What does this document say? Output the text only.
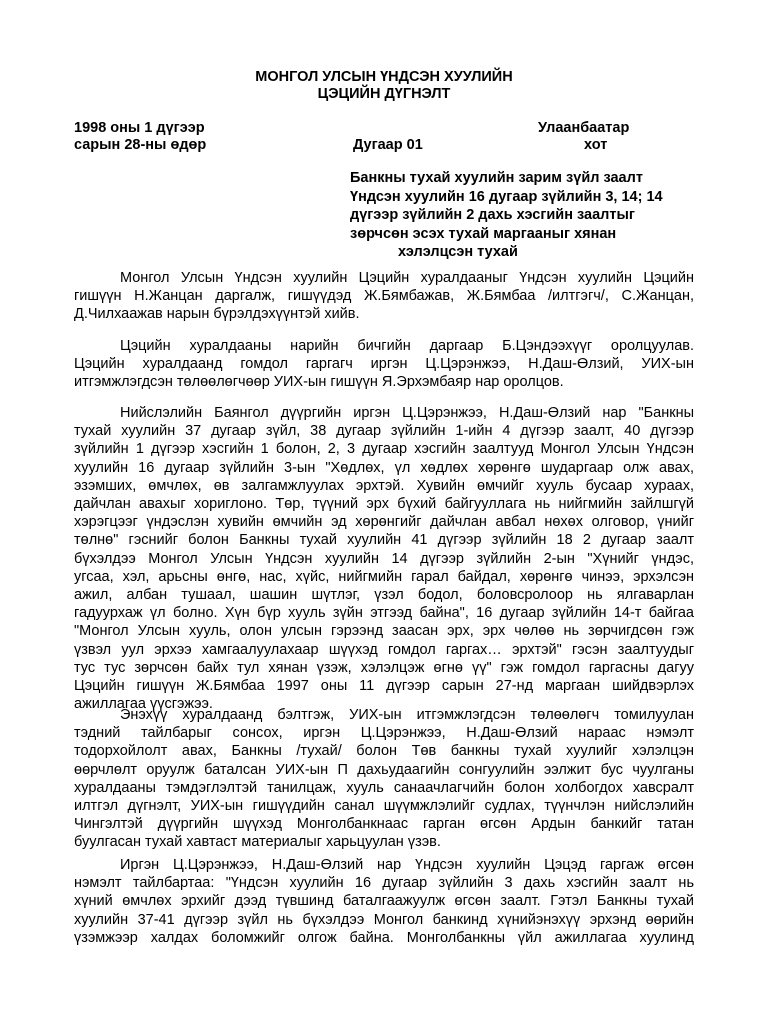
МОНГОЛ УЛСЫН ҮНДСЭН ХУУЛИЙН
ЦЭЦИЙН ДҮГНЭЛТ
1998 оны 1 дүгээр
сарын 28-ны өдөр	Дугаар 01
Улаанбаатар
хот
Банкны тухай хуулийн зарим зүйл заалт
Үндсэн хуулийн 16 дугаар зүйлийн 3, 14; 14
дүгээр зүйлийн 2 дахь хэсгийн заалтыг
зөрчсөн эсэх тухай маргааныг хянан
хэлэлцсэн тухай
Монгол Улсын Үндсэн хуулийн Цэцийн хуралдааныг Үндсэн хуулийн Цэцийн
гишүүн Н.Жанцан даргалж, гишүүдэд Ж.Бямбажав, Ж.Бямбаа /илтгэгч/, С.Жанцан,
Д.Чилхаажав нарын бүрэлдэхүүнтэй хийв.
Цэцийн хуралдааны нарийн бичгийн даргаар Б.Цэндээхүүг оролцуулав.
Цэцийн хуралдаанд гомдол гаргагч иргэн Ц.Цэрэнжээ, Н.Даш-Өлзий, УИХ-ын
итгэмжлэгдсэн төлөөлөгчөөр УИХ-ын гишүүн Я.Эрхэмбаяр нар оролцов.
Нийслэлийн Баянгол дүүргийн иргэн Ц.Цэрэнжээ, Н.Даш-Өлзий нар "Банкны
тухай хуулийн 37 дугаар зүйл, 38 дугаар зүйлийн 1-ийн 4 дүгээр заалт, 40 дүгээр
зүйлийн 1 дүгээр хэсгийн 1 болон, 2, 3 дугаар хэсгийн заалтууд Монгол Улсын Үндсэн
хуулийн 16 дугаар зүйлийн 3-ын "Хөдлөх, үл хөдлөх хөрөнгө шударгаар олж авах,
эзэмших, өмчлөх, өв залгамжлуулах эрхтэй. Хувийн өмчийг хууль бусаар хураах,
дайчлан авахыг хориглоно. Төр, түүний эрх бүхий байгууллага нь нийгмийн зайлшгүй
хэрэгцээг үндэслэн хувийн өмчийн эд хөрөнгийг дайчлан авбал нөхөх олговор, үнийг
төлнө" гэснийг болон Банкны тухай хуулийн 41 дүгээр зүйлийн 18 2 дугаар заалт
бүхэлдээ Монгол Улсын Үндсэн хуулийн 14 дүгээр зүйлийн 2-ын "Хүнийг үндэс,
угсаа, хэл, арьсны өнгө, нас, хүйс, нийгмийн гарал байдал, хөрөнгө чинээ, эрхэлсэн
ажил, албан тушаал, шашин шүтлэг, үзэл бодол, боловсролоор нь ялгаварлан
гадуурхаж үл болно. Хүн бүр хууль зүйн этгээд байна", 16 дугаар зүйлийн 14-т байгаа
"Монгол Улсын хууль, олон улсын гэрээнд заасан эрх, эрх чөлөө нь зөрчигдсөн гэж
үзвэл уул эрхээ хамгаалуулахаар шүүхэд гомдол гаргах… эрхтэй" гэсэн заалтуудыг
тус тус зөрчсөн байх тул хянан үзэж, хэлэлцэж өгнө үү" гэж гомдол гаргасны дагуу
Цэцийн гишүүн Ж.Бямбаа 1997 оны 11 дүгээр сарын 27-нд маргаан шийдвэрлэх
ажиллагаа үүсгэжээ.
Энэхүү хуралдаанд бэлтгэж, УИХ-ын итгэмжлэгдсэн төлөөлөгч томилуулан
тэдний тайлбарыг сонсох, иргэн Ц.Цэрэнжээ, Н.Даш-Өлзий нараас нэмэлт
тодорхойлолт авах, Банкны /тухай/ болон Төв банкны тухай хуулийг хэлэлцэн
өөрчлөлт оруулж баталсан УИХ-ын П дахьудаагийн сонгуулийн ээлжит бус чуулганы
хуралдааны тэмдэглэлтэй танилцаж, хууль санаачлагчийн болон холбогдох хавсралт
илтгэл дүгнэлт, УИХ-ын гишүүдийн санал шүүмжлэлийг судлах, түүнчлэн нийслэлийн
Чингэлтэй дүүргийн шүүхэд Монголбанкнаас гарган өгсөн Ардын банкийг татан
буулгасан тухай хавтаст материалыг харьцуулан үзэв.
Иргэн Ц.Цэрэнжээ, Н.Даш-Өлзий нар Үндсэн хуулийн Цэцэд гаргаж өгсөн
нэмэлт тайлбартаа: "Үндсэн хуулийн 16 дугаар зүйлийн 3 дахь хэсгийн заалт нь
хүний өмчлөх эрхийг дээд түвшинд баталгаажуулж өгсөн заалт. Гэтэл Банкны тухай
хуулийн 37-41 дүгээр зүйл нь бүхэлдээ Монгол банкинд хүнийэнэхүү эрхэнд өөрийн
үзэмжээр халдах боломжийг олгож байна. Монголбанкны үйл ажиллагаа хуулинд
